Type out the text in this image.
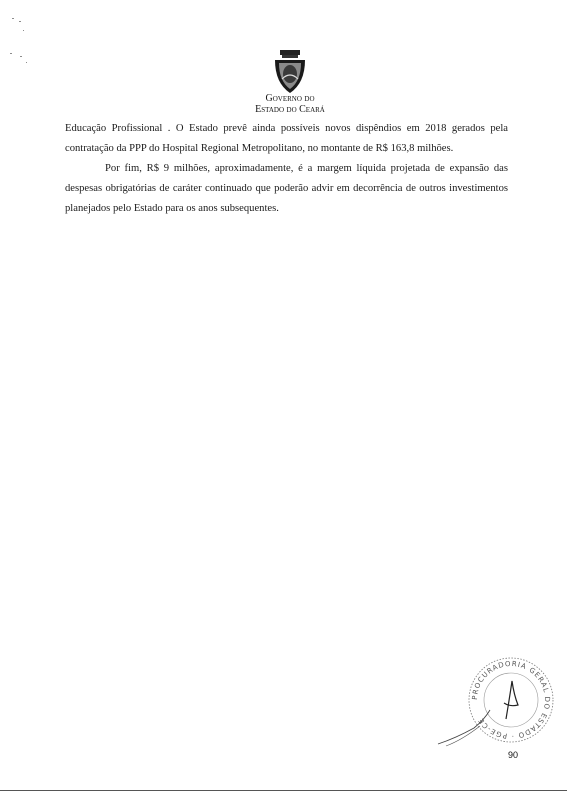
Governo do
Estado do Ceará

Educação Profissional . O Estado prevê ainda possíveis novos dispêndios em 2018 gerados pela contratação da PPP do Hospital Regional Metropolitano, no montante de R$ 163,8 milhões.

Por fim, R$ 9 milhões, aproximadamente, é a margem líquida projetada de expansão das despesas obrigatórias de caráter continuado que poderão advir em decorrência de outros investimentos planejados pelo Estado para os anos subsequentes.

PROCURADORIA GERAL DO ESTADO · PGE-CE
90
